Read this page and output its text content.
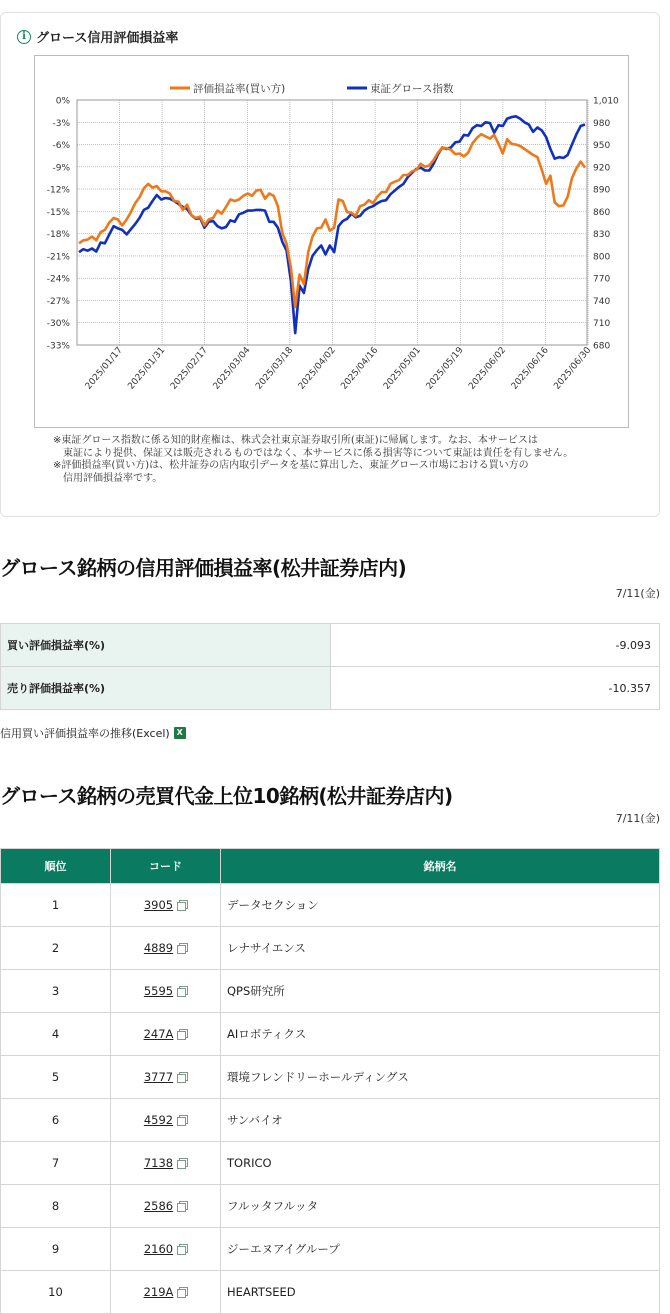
i グロース信用評価損益率
0%	1,010
-3%	980
-6%	950
-9%	920
-12%	890
-15%	860
-18%	830
-21%	800
-24%	770
-27%	740
-30%	710
-33%	680
2025/01/17 2025/01/31 2025/02/17 2025/03/04 2025/03/18 2025/04/02 2025/04/16 2025/05/01 2025/05/19 2025/06/02 2025/06/16 2025/06/30
評価損益率(買い方)	東証グロース指数

※東証グロース指数に係る知的財産権は、株式会社東京証券取引所(東証)に帰属します。なお、本サービスは

　東証により提供、保証又は販売されるものではなく、本サービスに係る損害等について東証は責任を有しません。

※評価損益率(買い方)は、松井証券の店内取引データを基に算出した、東証グロース市場における買い方の

　信用評価損益率です。

グロース銘柄の信用評価損益率(松井証券店内)
7/11(金)
買い評価損益率(%)	-9.093
売り評価損益率(%)	-10.357
信用買い評価損益率の推移(Excel) X
グロース銘柄の売買代金上位10銘柄(松井証券店内)
7/11(金)
順位	コード	銘柄名
1	3905	データセクション
2	4889	レナサイエンス
3	5595	QPS研究所
4	247A	AIロボティクス
5	3777	環境フレンドリーホールディングス
6	4592	サンバイオ
7	7138	TORICO
8	2586	フルッタフルッタ
9	2160	ジーエヌアイグループ
10	219A	HEARTSEED
